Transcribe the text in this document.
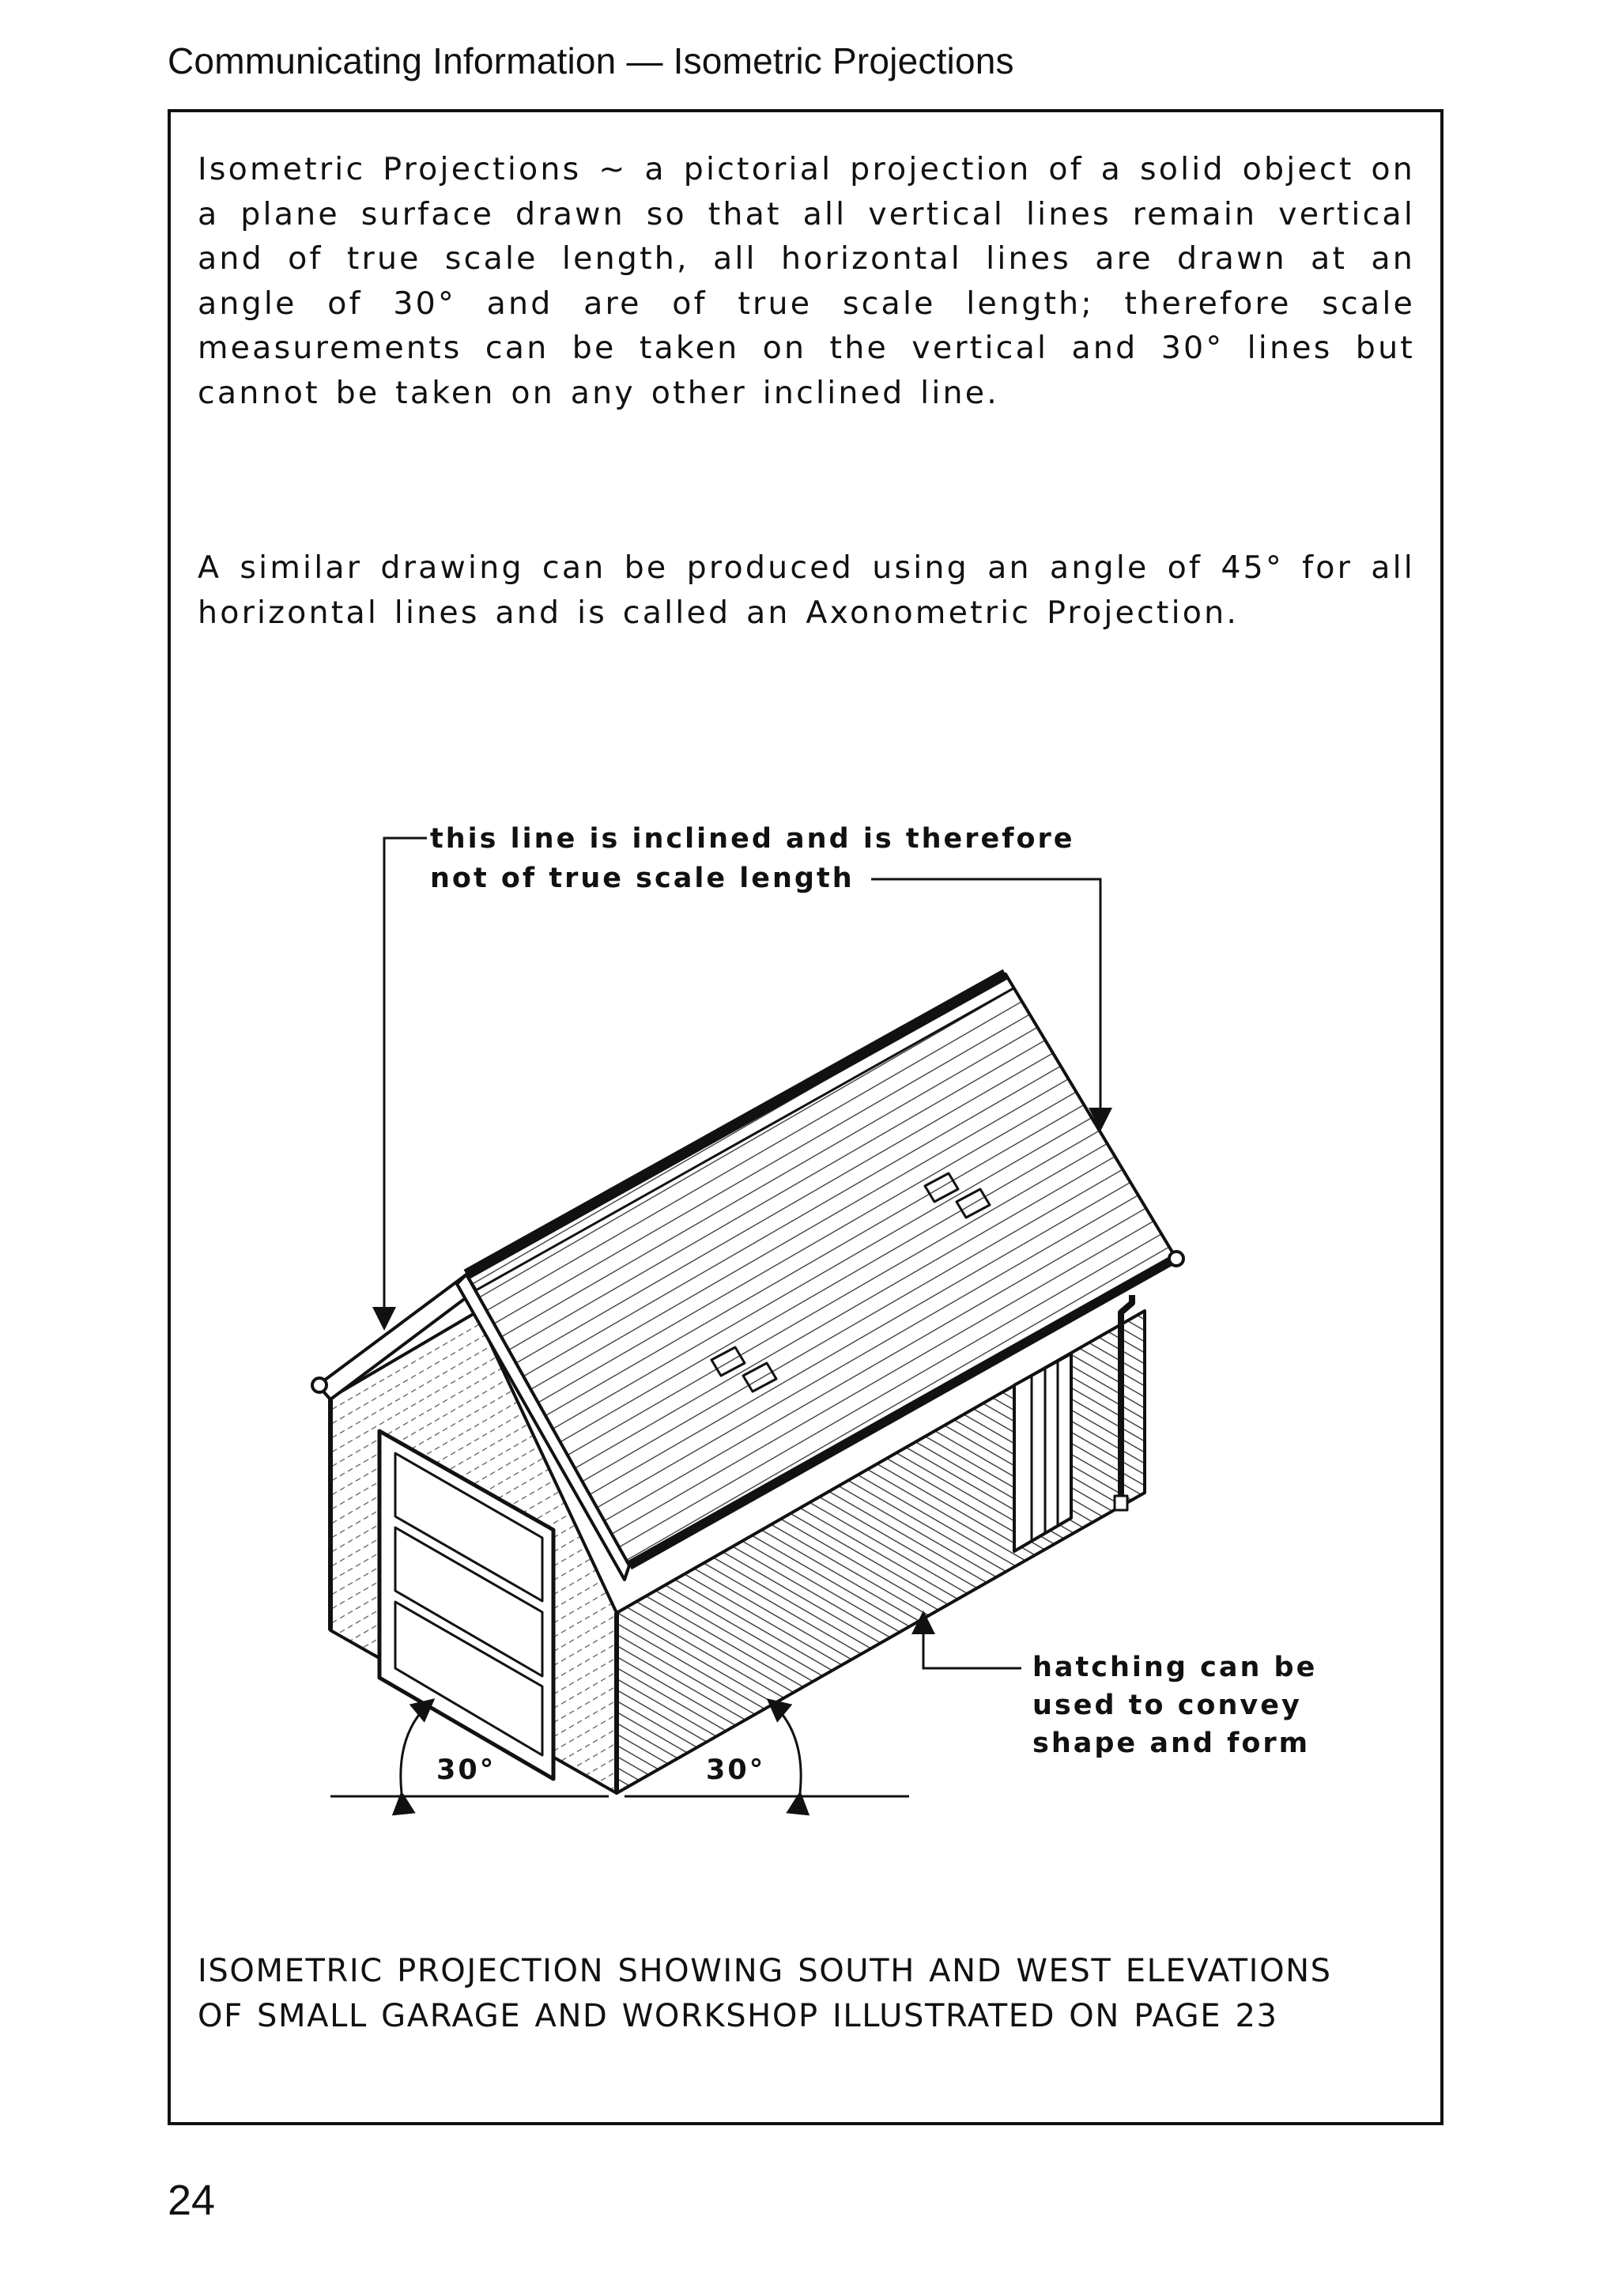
Communicating Information — Isometric Projections

Isometric Projections ~ a pictorial projection of a solid object on a plane surface drawn so that all vertical lines remain vertical and of true scale length, all horizontal lines are drawn at an angle of 30° and are of true scale length; therefore scale measurements can be taken on the vertical and 30° lines but cannot be taken on any other inclined line.

A similar drawing can be produced using an angle of 45° for all horizontal lines and is called an Axonometric Projection.

this line is inclined and is therefore
not of true scale length
hatching can be
used to convey
shape and form
30°	30°
ISOMETRIC PROJECTION SHOWING SOUTH AND WEST ELEVATIONS
OF SMALL GARAGE AND WORKSHOP ILLUSTRATED ON PAGE 23
24
